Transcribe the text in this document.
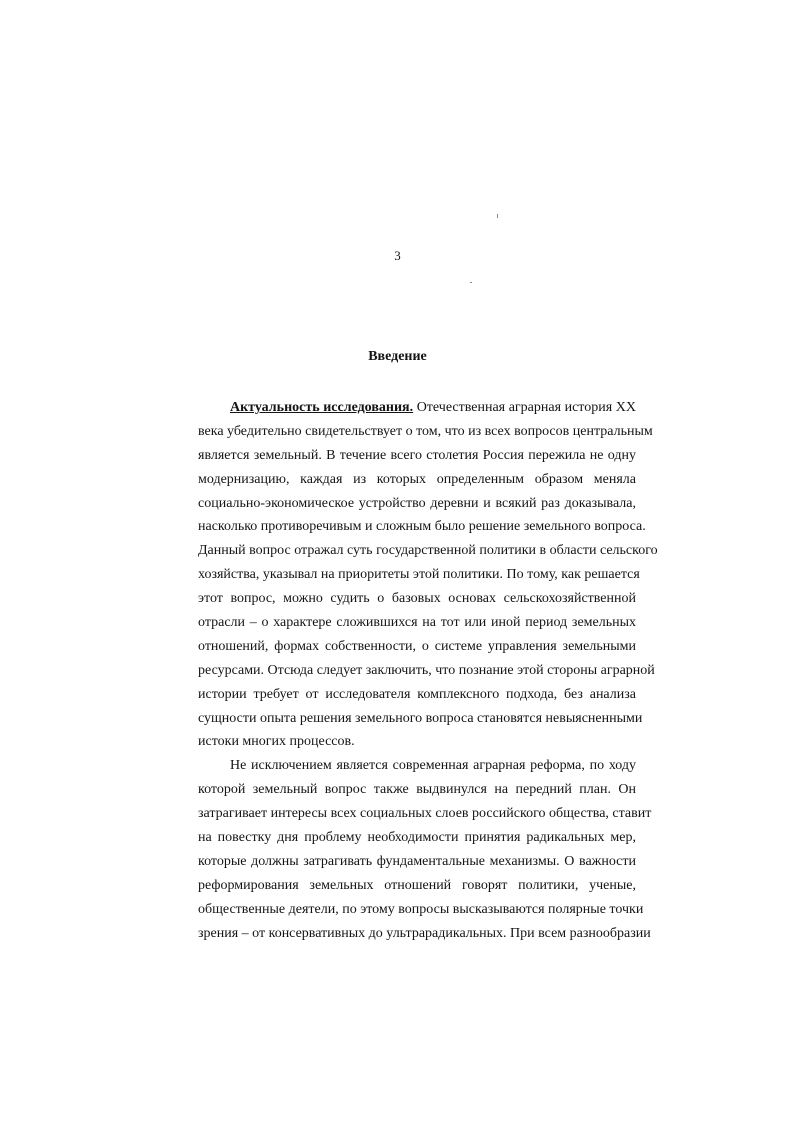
3
Введение
Актуальность исследования. Отечественная аграрная история XX
века убедительно свидетельствует о том, что из всех вопросов центральным
является земельный. В течение всего столетия Россия пережила не одну
модернизацию, каждая из которых определенным образом меняла
социально-экономическое устройство деревни и всякий раз доказывала,
насколько противоречивым и сложным было решение земельного вопроса.
Данный вопрос отражал суть государственной политики в области сельского
хозяйства, указывал на приоритеты этой политики. По тому, как решается
этот вопрос, можно судить о базовых основах сельскохозяйственной
отрасли – о характере сложившихся на тот или иной период земельных
отношений, формах собственности, о системе управления земельными
ресурсами. Отсюда следует заключить, что познание этой стороны аграрной
истории требует от исследователя комплексного подхода, без анализа
сущности опыта решения земельного вопроса становятся невыясненными
истоки многих процессов.
Не исключением является современная аграрная реформа, по ходу
которой земельный вопрос также выдвинулся на передний план. Он
затрагивает интересы всех социальных слоев российского общества, ставит
на повестку дня проблему необходимости принятия радикальных мер,
которые должны затрагивать фундаментальные механизмы. О важности
реформирования земельных отношений говорят политики, ученые,
общественные деятели, по этому вопросы высказываются полярные точки
зрения – от консервативных до ультрарадикальных. При всем разнообразии
